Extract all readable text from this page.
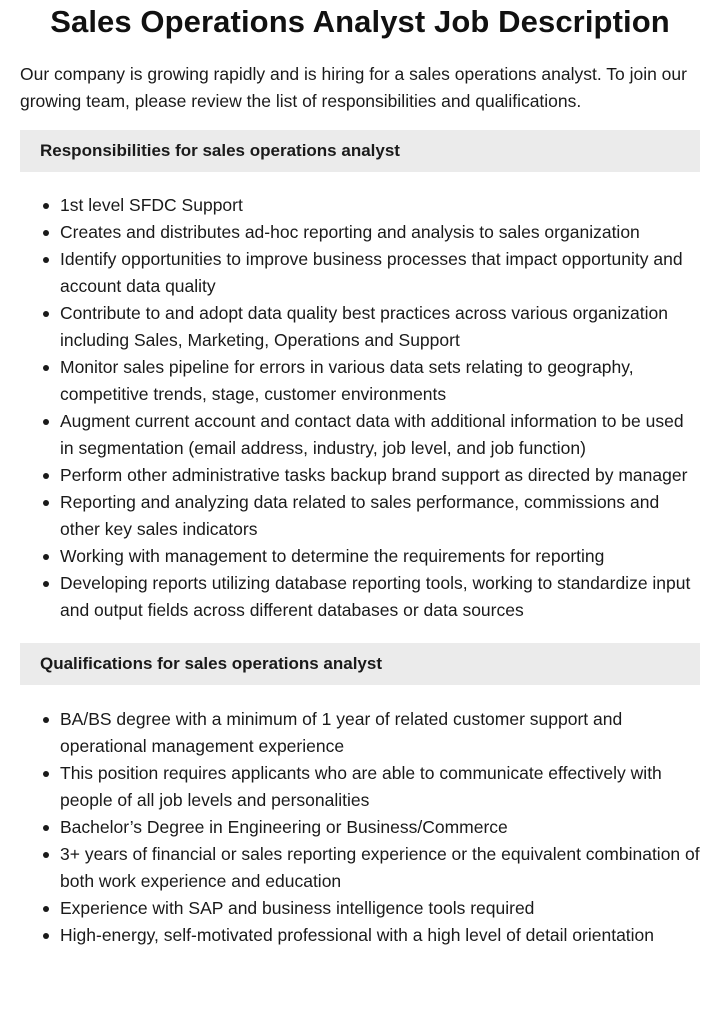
Sales Operations Analyst Job Description

Our company is growing rapidly and is hiring for a sales operations analyst. To join our growing team, please review the list of responsibilities and qualifications.

Responsibilities for sales operations analyst
1st level SFDC Support
Creates and distributes ad-hoc reporting and analysis to sales organization
Identify opportunities to improve business processes that impact opportunity and account data quality
Contribute to and adopt data quality best practices across various organization including Sales, Marketing, Operations and Support
Monitor sales pipeline for errors in various data sets relating to geography, competitive trends, stage, customer environments
Augment current account and contact data with additional information to be used in segmentation (email address, industry, job level, and job function)
Perform other administrative tasks backup brand support as directed by manager
Reporting and analyzing data related to sales performance, commissions and other key sales indicators
Working with management to determine the requirements for reporting
Developing reports utilizing database reporting tools, working to standardize input and output fields across different databases or data sources
Qualifications for sales operations analyst
BA/BS degree with a minimum of 1 year of related customer support and operational management experience
This position requires applicants who are able to communicate effectively with people of all job levels and personalities
Bachelor’s Degree in Engineering or Business/Commerce
3+ years of financial or sales reporting experience or the equivalent combination of both work experience and education
Experience with SAP and business intelligence tools required
High-energy, self-motivated professional with a high level of detail orientation
